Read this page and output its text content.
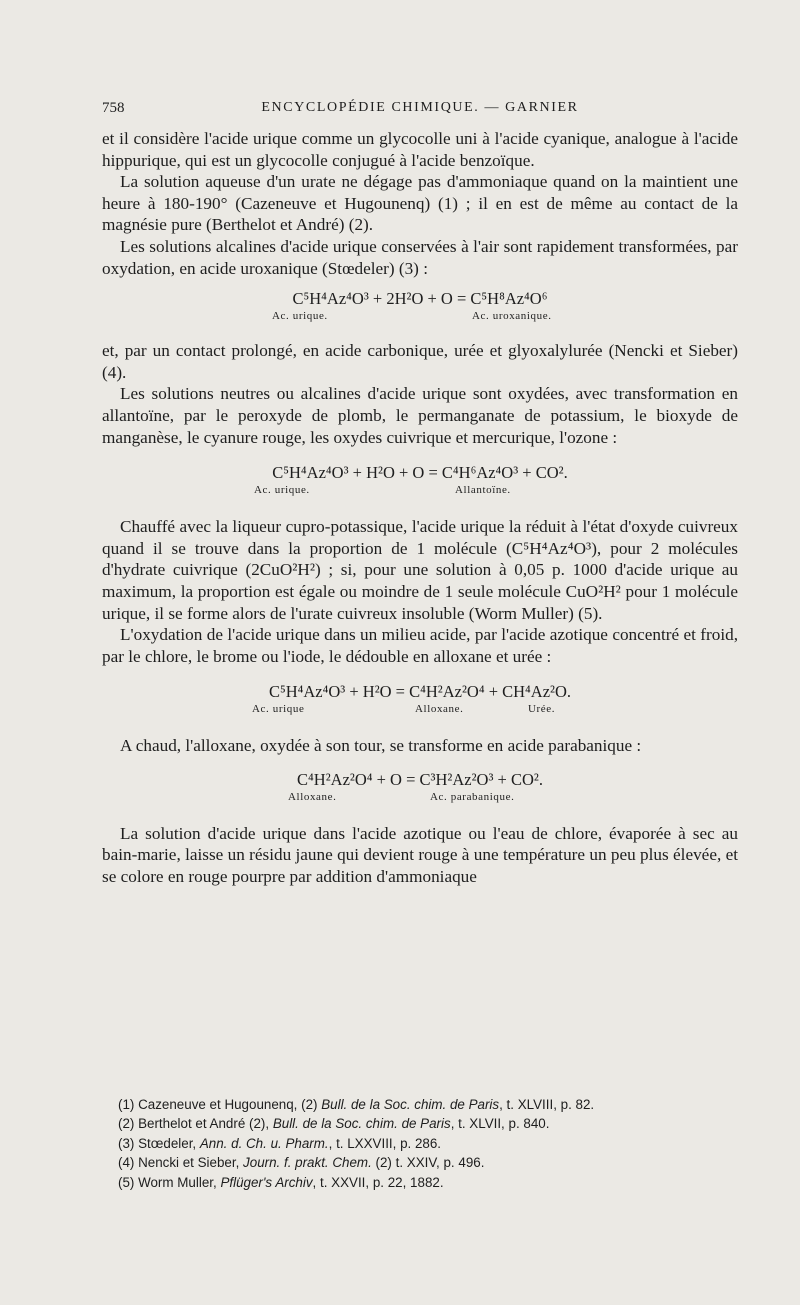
758	ENCYCLOPÉDIE CHIMIQUE. — GARNIER

et il considère l'acide urique comme un glycocolle uni à l'acide cyanique, analogue à l'acide hippurique, qui est un glycocolle conjugué à l'acide benzoïque.

La solution aqueuse d'un urate ne dégage pas d'ammoniaque quand on la maintient une heure à 180-190° (Cazeneuve et Hugounenq) (1) ; il en est de même au contact de la magnésie pure (Berthelot et André) (2).

Les solutions alcalines d'acide urique conservées à l'air sont rapidement transformées, par oxydation, en acide uroxanique (Stœdeler) (3) :

C⁵H⁴Az⁴O³ + 2H²O + O = C⁵H⁸Az⁴O⁶
Ac. urique.	Ac. uroxanique.

et, par un contact prolongé, en acide carbonique, urée et glyoxalylurée (Nencki et Sieber) (4).

Les solutions neutres ou alcalines d'acide urique sont oxydées, avec transformation en allantoïne, par le peroxyde de plomb, le permanganate de potassium, le bioxyde de manganèse, le cyanure rouge, les oxydes cuivrique et mercurique, l'ozone :

C⁵H⁴Az⁴O³ + H²O + O = C⁴H⁶Az⁴O³ + CO².
Ac. urique.	Allantoïne.

Chauffé avec la liqueur cupro-potassique, l'acide urique la réduit à l'état d'oxyde cuivreux quand il se trouve dans la proportion de 1 molécule (C⁵H⁴Az⁴O³), pour 2 molécules d'hydrate cuivrique (2CuO²H²) ; si, pour une solution à 0,05 p. 1000 d'acide urique au maximum, la proportion est égale ou moindre de 1 seule molécule CuO²H² pour 1 molécule urique, il se forme alors de l'urate cuivreux insoluble (Worm Muller) (5).

L'oxydation de l'acide urique dans un milieu acide, par l'acide azotique concentré et froid, par le chlore, le brome ou l'iode, le dédouble en alloxane et urée :

C⁵H⁴Az⁴O³ + H²O = C⁴H²Az²O⁴ + CH⁴Az²O.
Ac. urique	Alloxane.	Urée.

A chaud, l'alloxane, oxydée à son tour, se transforme en acide parabanique :

C⁴H²Az²O⁴ + O = C³H²Az²O³ + CO².
Alloxane.	Ac. parabanique.

La solution d'acide urique dans l'acide azotique ou l'eau de chlore, évaporée à sec au bain-marie, laisse un résidu jaune qui devient rouge à une température un peu plus élevée, et se colore en rouge pourpre par addition d'ammoniaque

(1) Cazeneuve et Hugounenq, (2) Bull. de la Soc. chim. de Paris, t. XLVIII, p. 82.
(2) Berthelot et André (2), Bull. de la Soc. chim. de Paris, t. XLVII, p. 840.
(3) Stœdeler, Ann. d. Ch. u. Pharm., t. LXXVIII, p. 286.
(4) Nencki et Sieber, Journ. f. prakt. Chem. (2) t. XXIV, p. 496.
(5) Worm Muller, Pflüger's Archiv, t. XXVII, p. 22, 1882.
